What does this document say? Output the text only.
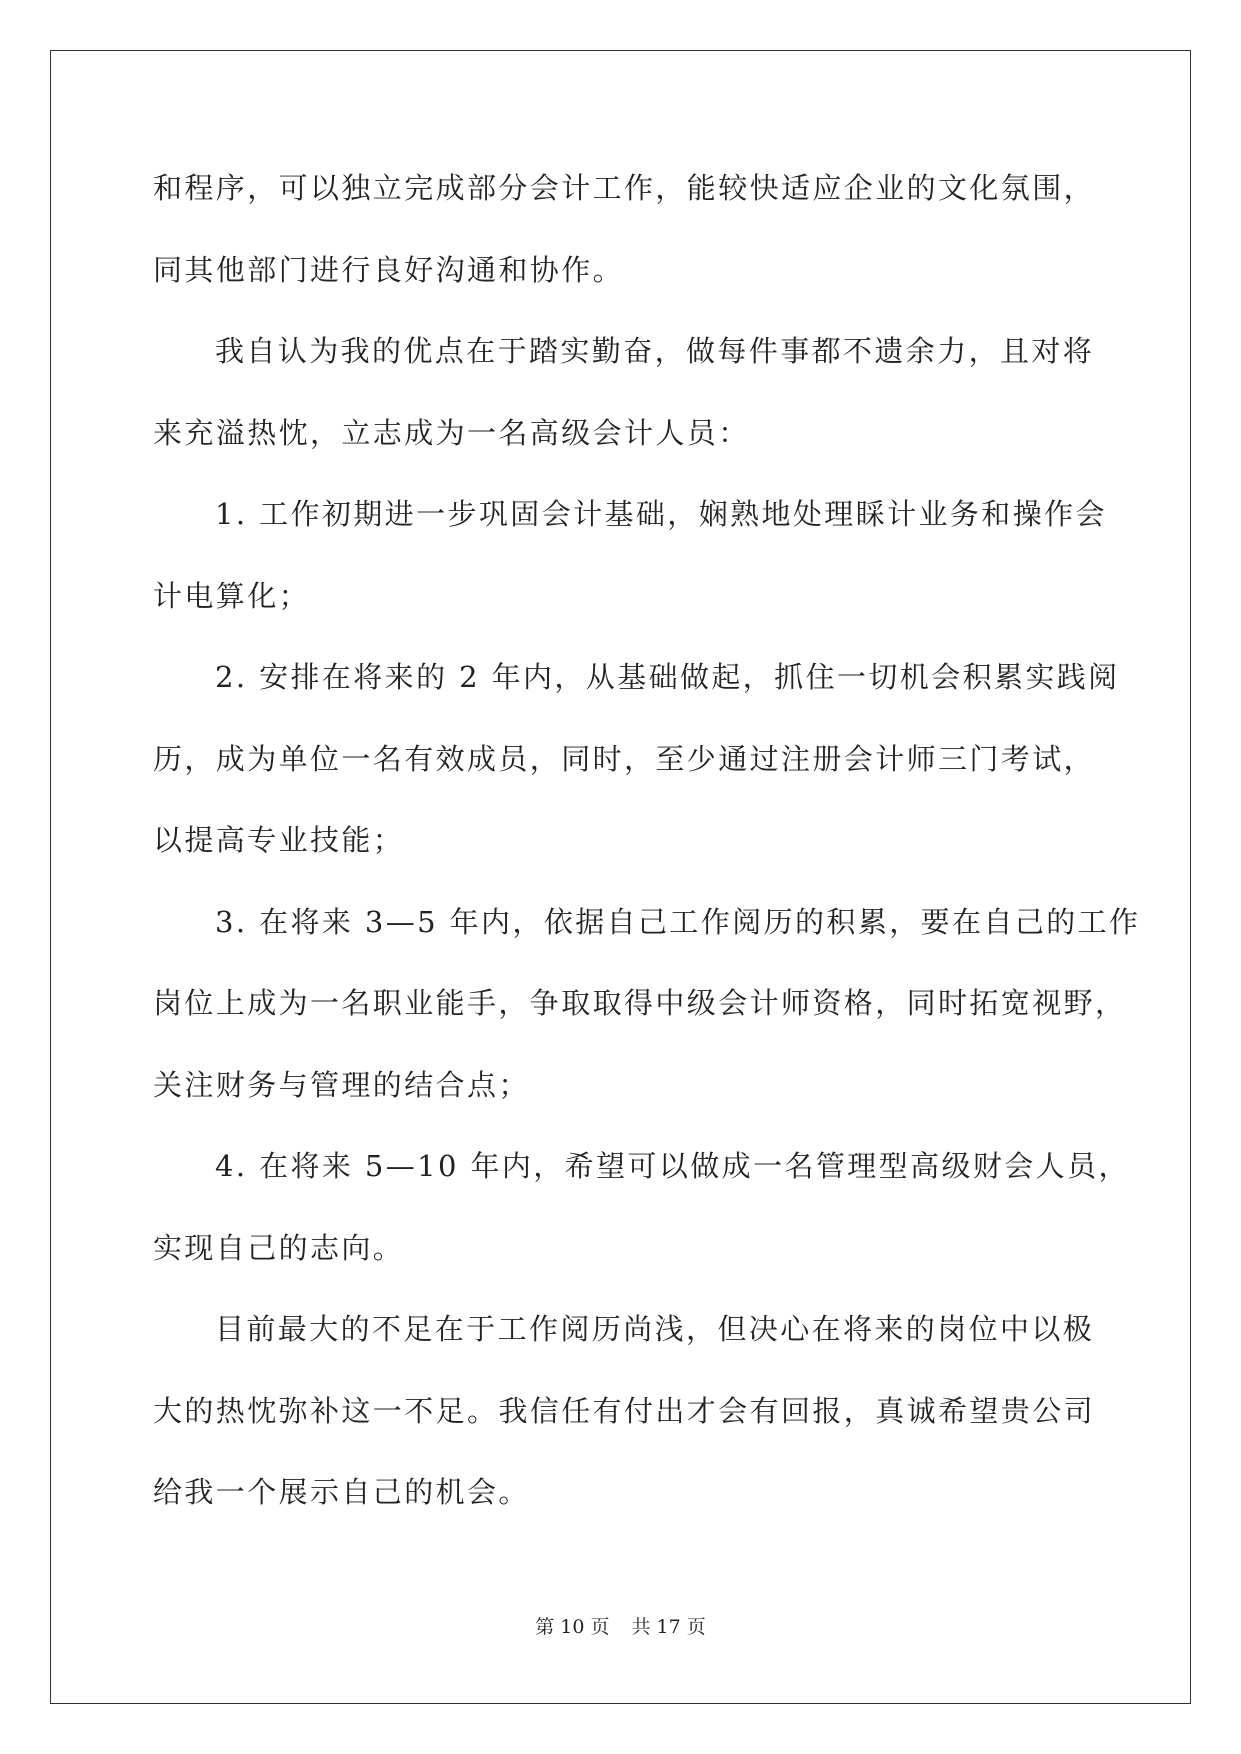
和程序，可以独立完成部分会计工作，能较快适应企业的文化氛围，

同其他部门进行良好沟通和协作。

我自认为我的优点在于踏实勤奋，做每件事都不遗余力，且对将

来充溢热忱，立志成为一名高级会计人员：

1. 工作初期进一步巩固会计基础，娴熟地处理睬计业务和操作会

计电算化；

2. 安排在将来的 2 年内，从基础做起，抓住一切机会积累实践阅

历，成为单位一名有效成员，同时，至少通过注册会计师三门考试，

以提高专业技能；

3. 在将来 3—5 年内，依据自己工作阅历的积累，要在自己的工作

岗位上成为一名职业能手，争取取得中级会计师资格，同时拓宽视野，

关注财务与管理的结合点；

4. 在将来 5—10 年内，希望可以做成一名管理型高级财会人员，

实现自己的志向。

目前最大的不足在于工作阅历尚浅，但决心在将来的岗位中以极

大的热忱弥补这一不足。我信任有付出才会有回报，真诚希望贵公司

给我一个展示自己的机会。

第 10 页 共 17 页
